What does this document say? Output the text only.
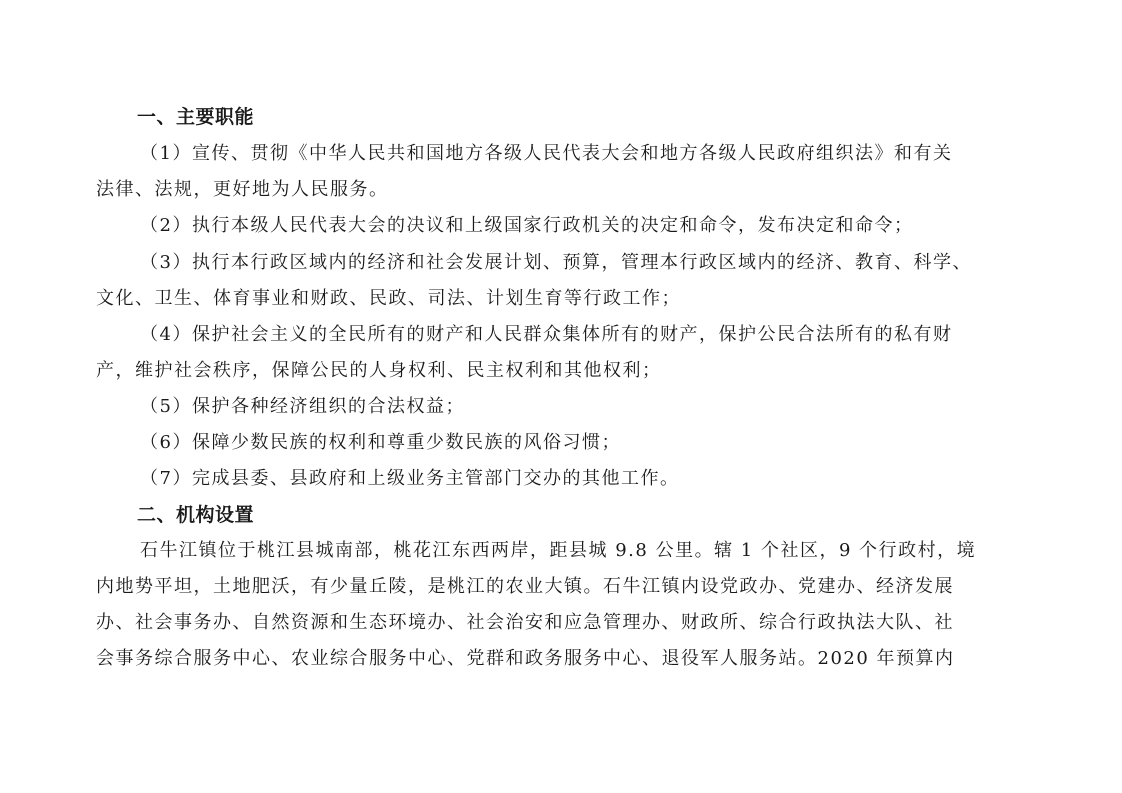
一、主要职能
（1）宣传、贯彻《中华人民共和国地方各级人民代表大会和地方各级人民政府组织法》和有关
法律、法规，更好地为人民服务。
（2）执行本级人民代表大会的决议和上级国家行政机关的决定和命令，发布决定和命令；
（3）执行本行政区域内的经济和社会发展计划、预算，管理本行政区域内的经济、教育、科学、
文化、卫生、体育事业和财政、民政、司法、计划生育等行政工作；
（4）保护社会主义的全民所有的财产和人民群众集体所有的财产，保护公民合法所有的私有财
产，维护社会秩序，保障公民的人身权利、民主权利和其他权利；
（5）保护各种经济组织的合法权益；
（6）保障少数民族的权利和尊重少数民族的风俗习惯；
（7）完成县委、县政府和上级业务主管部门交办的其他工作。
二、机构设置
石牛江镇位于桃江县城南部，桃花江东西两岸，距县城 9.8 公里。辖 1 个社区，9 个行政村，境
内地势平坦，土地肥沃，有少量丘陵，是桃江的农业大镇。石牛江镇内设党政办、党建办、经济发展
办、社会事务办、自然资源和生态环境办、社会治安和应急管理办、财政所、综合行政执法大队、社
会事务综合服务中心、农业综合服务中心、党群和政务服务中心、退役军人服务站。2020 年预算内
